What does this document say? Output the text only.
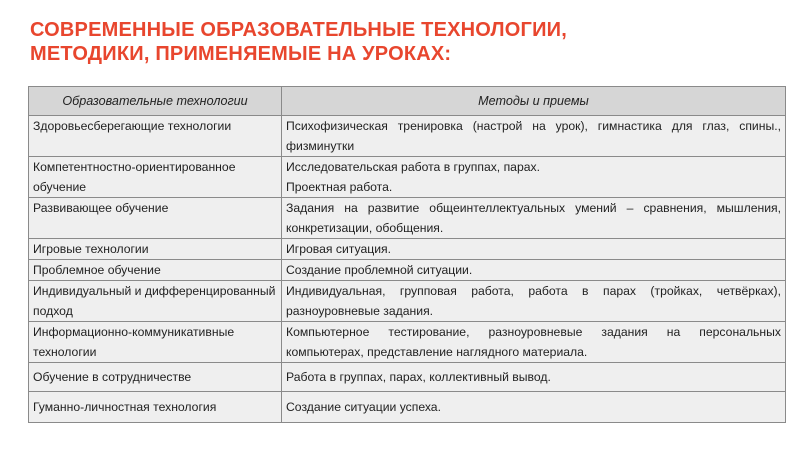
СОВРЕМЕННЫЕ ОБРАЗОВАТЕЛЬНЫЕ ТЕХНОЛОГИИ,
МЕТОДИКИ, ПРИМЕНЯЕМЫЕ НА УРОКАХ:
Образовательные технологии	Методы и приемы
Здоровьесберегающие технологии	Психофизическая тренировка (настрой на урок), гимнастика для глаз, спины., физминутки
Компетентностно-ориентированное обучение	Исследовательская работа в группах, парах.
Проектная работа.

Развивающее обучение	Задания на развитие общеинтеллектуальных умений – сравнения, мышления, конкретизации, обобщения.
Игровые технологии	Игровая ситуация.
Проблемное обучение	Создание проблемной ситуации.
Индивидуальный и дифференцированный подход	Индивидуальная, групповая работа, работа в парах (тройках, четвёрках), разноуровневые задания.
Информационно-коммуникативные технологии	Компьютерное тестирование, разноуровневые задания на персональных компьютерах, представление наглядного материала.
Обучение в сотрудничестве	Работа в группах, парах, коллективный вывод.
Гуманно-личностная технология	Создание ситуации успеха.
